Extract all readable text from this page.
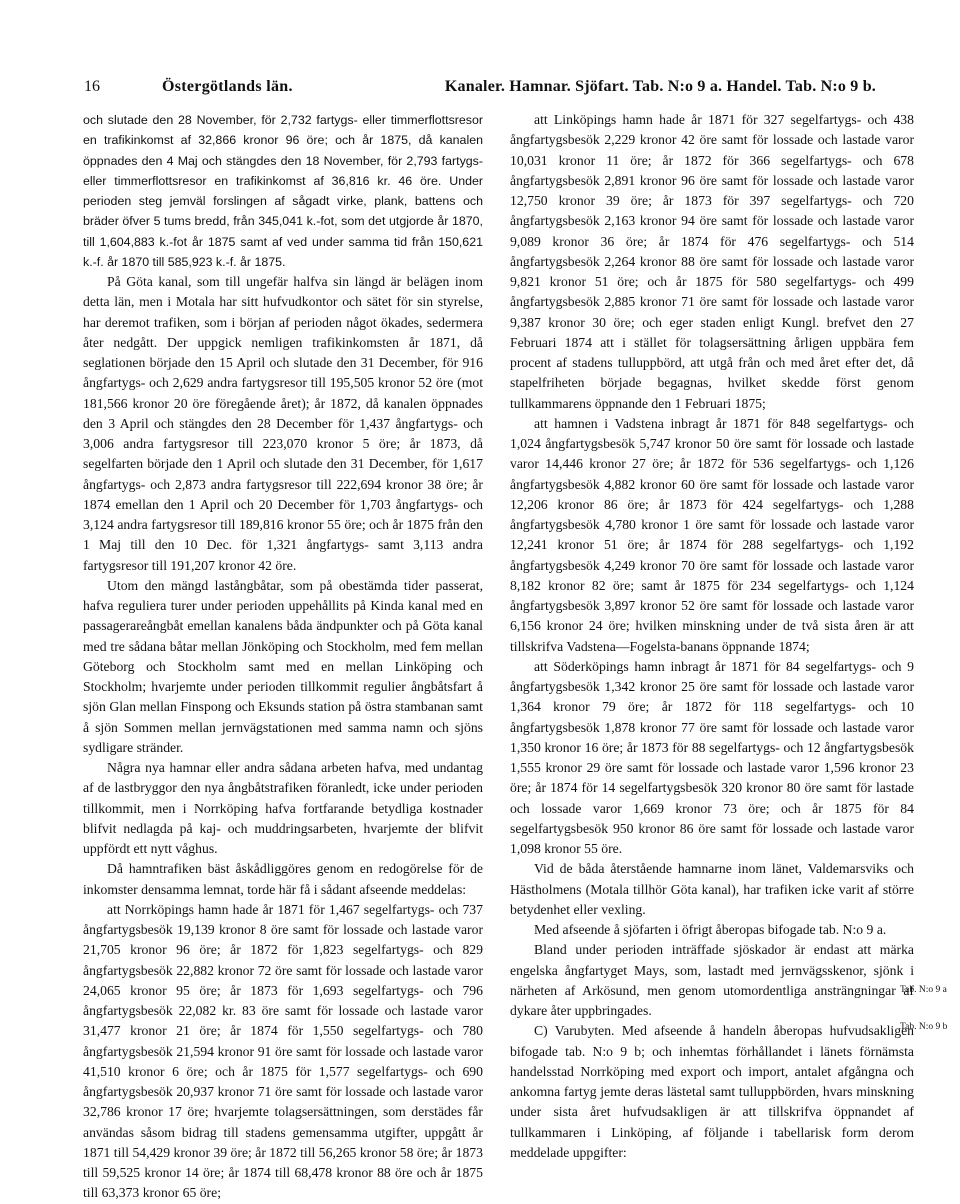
16	Östergötlands län.	Kanaler. Hamnar. Sjöfart. Tab. N:o 9 a. Handel. Tab. N:o 9 b.

och slutade den 28 November, för 2,732 fartygs- eller timmerflottsresor en trafikinkomst af 32,866 kronor 96 öre; och år 1875, då kanalen öppnades den 4 Maj och stängdes den 18 November, för 2,793 fartygs- eller timmerflottsresor en trafikinkomst af 36,816 kr. 46 öre. Under perioden steg jemväl forslingen af sågadt virke, plank, battens och bräder öfver 5 tums bredd, från 345,041 k.-fot, som det utgjorde år 1870, till 1,604,883 k.-fot år 1875 samt af ved under samma tid från 150,621 k.-f. år 1870 till 585,923 k.-f. år 1875.

På Göta kanal, som till ungefär halfva sin längd är belägen inom detta län, men i Motala har sitt hufvudkontor och sätet för sin styrelse, har deremot trafiken, som i början af perioden något ökades, sedermera åter nedgått. Der uppgick nemligen trafikinkomsten år 1871, då seglationen började den 15 April och slutade den 31 December, för 916 ångfartygs- och 2,629 andra fartygsresor till 195,505 kronor 52 öre (mot 181,566 kronor 20 öre föregående året); år 1872, då kanalen öppnades den 3 April och stängdes den 28 December för 1,437 ångfartygs- och 3,006 andra fartygsresor till 223,070 kronor 5 öre; år 1873, då segelfarten började den 1 April och slutade den 31 December, för 1,617 ångfartygs- och 2,873 andra fartygsresor till 222,694 kronor 38 öre; år 1874 emellan den 1 April och 20 December för 1,703 ångfartygs- och 3,124 andra fartygsresor till 189,816 kronor 55 öre; och år 1875 från den 1 Maj till den 10 Dec. för 1,321 ångfartygs- samt 3,113 andra fartygsresor till 191,207 kronor 42 öre.

Utom den mängd lastångbåtar, som på obestämda tider passerat, hafva reguliera turer under perioden uppehållits på Kinda kanal med en passagerareångbåt emellan kanalens båda ändpunkter och på Göta kanal med tre sådana båtar mellan Jönköping och Stockholm, med fem mellan Göteborg och Stockholm samt med en mellan Linköping och Stockholm; hvarjemte under perioden tillkommit regulier ångbåtsfart å sjön Glan mellan Finspong och Eksunds station på östra stambanan samt å sjön Sommen mellan jernvägstationen med samma namn och sjöns sydligare stränder.

Några nya hamnar eller andra sådana arbeten hafva, med undantag af de lastbryggor den nya ångbåtstrafiken föranledt, icke under perioden tillkommit, men i Norrköping hafva fortfarande betydliga kostnader blifvit nedlagda på kaj- och muddringsarbeten, hvarjemte der blifvit uppfördt ett nytt våghus.

Då hamntrafiken bäst åskådliggöres genom en redogörelse för de inkomster densamma lemnat, torde här få i sådant afseende meddelas:

att Norrköpings hamn hade år 1871 för 1,467 segelfartygs- och 737 ångfartygsbesök 19,139 kronor 8 öre samt för lossade och lastade varor 21,705 kronor 96 öre; år 1872 för 1,823 segelfartygs- och 829 ångfartygsbesök 22,882 kronor 72 öre samt för lossade och lastade varor 24,065 kronor 95 öre; år 1873 för 1,693 segelfartygs- och 796 ångfartygsbesök 22,082 kr. 83 öre samt för lossade och lastade varor 31,477 kronor 21 öre; år 1874 för 1,550 segelfartygs- och 780 ångfartygsbesök 21,594 kronor 91 öre samt för lossade och lastade varor 41,510 kronor 6 öre; och år 1875 för 1,577 segelfartygs- och 690 ångfartygsbesök 20,937 kronor 71 öre samt för lossade och lastade varor 32,786 kronor 17 öre; hvarjemte tolagsersättningen, som derstädes får användas såsom bidrag till stadens gemensamma utgifter, uppgått år 1871 till 54,429 kronor 39 öre; år 1872 till 56,265 kronor 58 öre; år 1873 till 59,525 kronor 14 öre; år 1874 till 68,478 kronor 88 öre och år 1875 till 63,373 kronor 65 öre;

att Linköpings hamn hade år 1871 för 327 segelfartygs- och 438 ångfartygsbesök 2,229 kronor 42 öre samt för lossade och lastade varor 10,031 kronor 11 öre; år 1872 för 366 segelfartygs- och 678 ångfartygsbesök 2,891 kronor 96 öre samt för lossade och lastade varor 12,750 kronor 39 öre; år 1873 för 397 segelfartygs- och 720 ångfartygsbesök 2,163 kronor 94 öre samt för lossade och lastade varor 9,089 kronor 36 öre; år 1874 för 476 segelfartygs- och 514 ångfartygsbesök 2,264 kronor 88 öre samt för lossade och lastade varor 9,821 kronor 51 öre; och år 1875 för 580 segelfartygs- och 499 ångfartygsbesök 2,885 kronor 71 öre samt för lossade och lastade varor 9,387 kronor 30 öre; och eger staden enligt Kungl. brefvet den 27 Februari 1874 att i stället för tolagsersättning årligen uppbära fem procent af stadens tulluppbörd, att utgå från och med året efter det, då stapelfriheten började begagnas, hvilket skedde först genom tullkammarens öppnande den 1 Februari 1875;

att hamnen i Vadstena inbragt år 1871 för 848 segelfartygs- och 1,024 ångfartygsbesök 5,747 kronor 50 öre samt för lossade och lastade varor 14,446 kronor 27 öre; år 1872 för 536 segelfartygs- och 1,126 ångfartygsbesök 4,882 kronor 60 öre samt för lossade och lastade varor 12,206 kronor 86 öre; år 1873 för 424 segelfartygs- och 1,288 ångfartygsbesök 4,780 kronor 1 öre samt för lossade och lastade varor 12,241 kronor 51 öre; år 1874 för 288 segelfartygs- och 1,192 ångfartygsbesök 4,249 kronor 70 öre samt för lossade och lastade varor 8,182 kronor 82 öre; samt år 1875 för 234 segelfartygs- och 1,124 ångfartygsbesök 3,897 kronor 52 öre samt för lossade och lastade varor 6,156 kronor 24 öre; hvilken minskning under de två sista åren är att tillskrifva Vadstena—Fogelsta-banans öppnande 1874;

att Söderköpings hamn inbragt år 1871 för 84 segelfartygs- och 9 ångfartygsbesök 1,342 kronor 25 öre samt för lossade och lastade varor 1,364 kronor 79 öre; år 1872 för 118 segelfartygs- och 10 ångfartygsbesök 1,878 kronor 77 öre samt för lossade och lastade varor 1,350 kronor 16 öre; år 1873 för 88 segelfartygs- och 12 ångfartygsbesök 1,555 kronor 29 öre samt för lossade och lastade varor 1,596 kronor 23 öre; år 1874 för 14 segelfartygsbesök 320 kronor 80 öre samt för lastade och lossade varor 1,669 kronor 73 öre; och år 1875 för 84 segelfartygsbesök 950 kronor 86 öre samt för lossade och lastade varor 1,098 kronor 55 öre.

Vid de båda återstående hamnarne inom länet, Valdemarsviks och Hästholmens (Motala tillhör Göta kanal), har trafiken icke varit af större betydenhet eller vexling.

Med afseende å sjöfarten i öfrigt åberopas bifogade tab. N:o 9 a.

Bland under perioden inträffade sjöskador är endast att märka engelska ångfartyget Mays, som, lastadt med jernvägsskenor, sjönk i närheten af Arkösund, men genom utomordentliga ansträngningar af dykare åter uppbringades.

C) Varubyten. Med afseende å handeln åberopas hufvudsakligen bifogade tab. N:o 9 b; och inhemtas förhållandet i länets förnämsta handelsstad Norrköping med export och import, antalet afgångna och ankomna fartyg jemte deras lästetal samt tulluppbörden, hvars minskning under sista året hufvudsakligen är att tillskrifva öppnandet af tullkammaren i Linköping, af följande i tabellarisk form derom meddelade uppgifter:

Tab. N:o 9 a
Tab. N:o 9 b
